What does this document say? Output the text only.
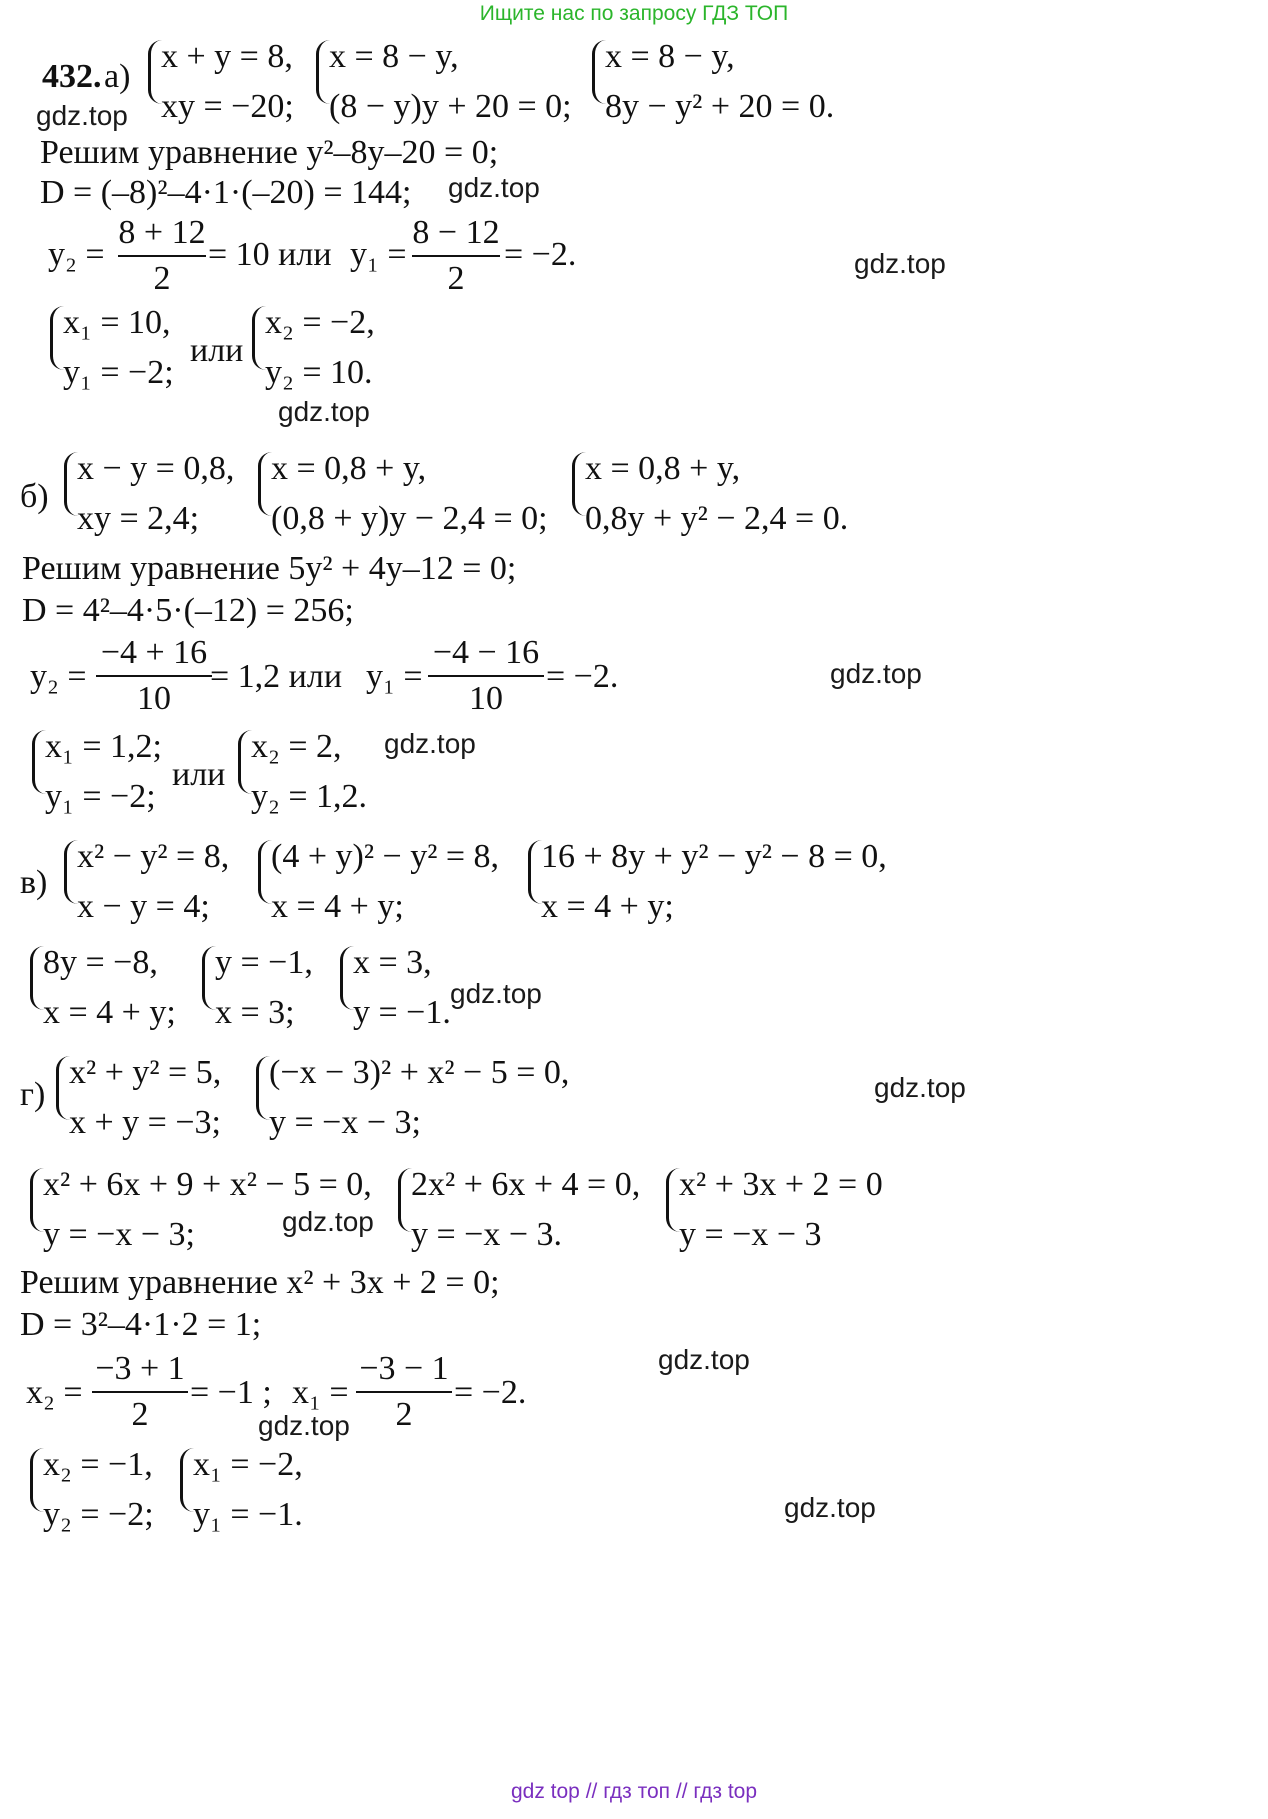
Ищите нас по запросу ГДЗ ТОП
432. а)
x + y = 8,
xy = −20;
x = 8 − y,
(8 − y)y + 20 = 0;
x = 8 − y,
8y − y² + 20 = 0.
gdz.top
Решим уравнение y²–8y–20 = 0;
D = (–8)²–4·1·(–20) = 144; gdz.top
y₂ =
8 + 12
2
= 10 или y₁ =
8 − 12
2
= −2.	gdz.top
x₁ = 10,
y₁ = −2;
или
x₂ = −2,
y₂ = 10.
gdz.top
б)
x − y = 0,8,
xy = 2,4;
x = 0,8 + y,
(0,8 + y)y − 2,4 = 0;
x = 0,8 + y,
0,8y + y² − 2,4 = 0.
Решим уравнение 5y² + 4y–12 = 0;
D = 4²–4·5·(–12) = 256;
y₂ =
−4 + 16
10
= 1,2 или y₁ =
−4 − 16
10
= −2.	gdz.top
x₁ = 1,2;
y₁ = −2;
или
x₂ = 2,
y₂ = 1,2.
gdz.top
в)
x² − y² = 8,
x − y = 4;
(4 + y)² − y² = 8,
x = 4 + y;
16 + 8y + y² − y² − 8 = 0,
x = 4 + y;
8y = −8,
x = 4 + y;
y = −1,
x = 3;
x = 3,
y = −1.
gdz.top
г)
x² + y² = 5,
x + y = −3;
(−x − 3)² + x² − 5 = 0,
y = −x − 3;
gdz.top
x² + 6x + 9 + x² − 5 = 0,
y = −x − 3;	gdz.top
2x² + 6x + 4 = 0,
y = −x − 3.
x² + 3x + 2 = 0
y = −x − 3
Решим уравнение x² + 3x + 2 = 0;
D = 3²–4·1·2 = 1;
gdz.top
x₂ =
−3 + 1
2
= −1 ; x₁ =
−3 − 1
2
= −2.
gdz.top
x₂ = −1,
y₂ = −2;
x₁ = −2,
y₁ = −1.	gdz.top
gdz top // гдз топ // гдз top
